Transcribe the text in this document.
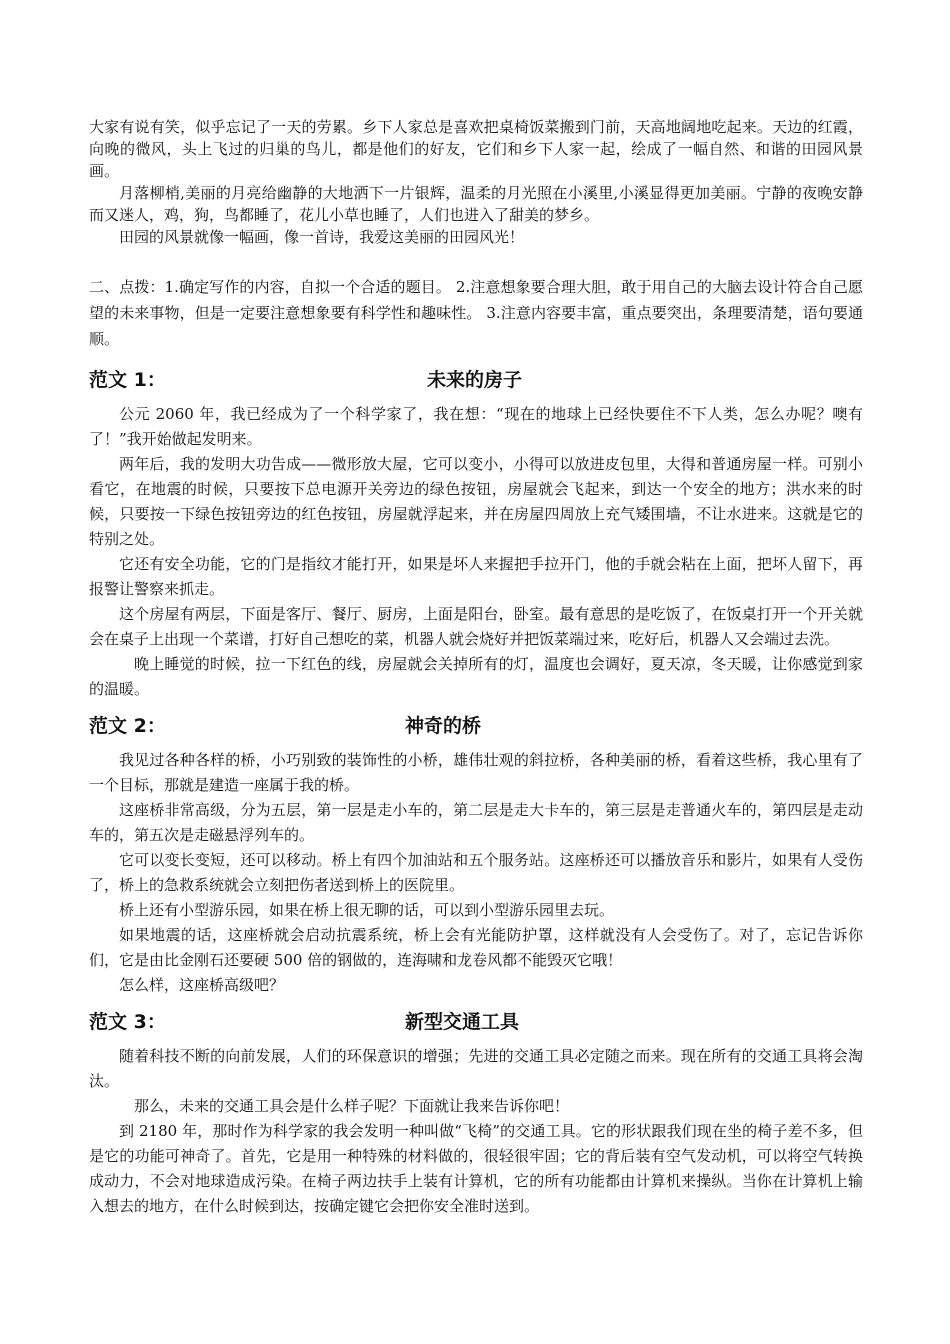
大家有说有笑，似乎忘记了一天的劳累。乡下人家总是喜欢把桌椅饭菜搬到门前，天高地阔地吃起来。天边的红霞，向晚的微风，头上飞过的归巢的鸟儿，都是他们的好友，它们和乡下人家一起，绘成了一幅自然、和谐的田园风景画。

月落柳梢,美丽的月亮给幽静的大地洒下一片银辉，温柔的月光照在小溪里,小溪显得更加美丽。宁静的夜晚安静而又迷人，鸡，狗，鸟都睡了，花儿小草也睡了，人们也进入了甜美的梦乡。

田园的风景就像一幅画，像一首诗，我爱这美丽的田园风光！

二、点拨：1.确定写作的内容，自拟一个合适的题目。 2.注意想象要合理大胆，敢于用自己的大脑去设计符合自己愿望的未来事物，但是一定要注意想象要有科学性和趣味性。 3.注意内容要丰富，重点要突出，条理要清楚，语句要通顺。
范文 1：	未来的房子

公元 2060 年，我已经成为了一个科学家了，我在想：“现在的地球上已经快要住不下人类，怎么办呢？噢有了！”我开始做起发明来。

两年后，我的发明大功告成——微形放大屋，它可以变小，小得可以放进皮包里，大得和普通房屋一样。可别小看它，在地震的时候，只要按下总电源开关旁边的绿色按钮，房屋就会飞起来，到达一个安全的地方；洪水来的时候，只要按一下绿色按钮旁边的红色按钮，房屋就浮起来，并在房屋四周放上充气矮围墙，不让水进来。这就是它的特别之处。

它还有安全功能，它的门是指纹才能打开，如果是坏人来握把手拉开门，他的手就会粘在上面，把坏人留下，再报警让警察来抓走。

这个房屋有两层，下面是客厅、餐厅、厨房，上面是阳台，卧室。最有意思的是吃饭了，在饭桌打开一个开关就会在桌子上出现一个菜谱，打好自己想吃的菜，机器人就会烧好并把饭菜端过来，吃好后，机器人又会端过去洗。

晚上睡觉的时候，拉一下红色的线，房屋就会关掉所有的灯，温度也会调好，夏天凉，冬天暖，让你感觉到家的温暖。

范文 2：	神奇的桥

我见过各种各样的桥，小巧别致的装饰性的小桥，雄伟壮观的斜拉桥，各种美丽的桥，看着这些桥，我心里有了一个目标，那就是建造一座属于我的桥。

这座桥非常高级，分为五层，第一层是走小车的，第二层是走大卡车的，第三层是走普通火车的，第四层是走动车的，第五次是走磁悬浮列车的。

它可以变长变短，还可以移动。桥上有四个加油站和五个服务站。这座桥还可以播放音乐和影片，如果有人受伤了，桥上的急救系统就会立刻把伤者送到桥上的医院里。

桥上还有小型游乐园，如果在桥上很无聊的话，可以到小型游乐园里去玩。

如果地震的话，这座桥就会启动抗震系统，桥上会有光能防护罩，这样就没有人会受伤了。对了，忘记告诉你们，它是由比金刚石还要硬 500 倍的钢做的，连海啸和龙卷风都不能毁灭它哦！

怎么样，这座桥高级吧？

范文 3：	新型交通工具

随着科技不断的向前发展，人们的环保意识的增强；先进的交通工具必定随之而来。现在所有的交通工具将会淘汰。

那么，未来的交通工具会是什么样子呢？下面就让我来告诉你吧！

到 2180 年，那时作为科学家的我会发明一种叫做“飞椅”的交通工具。它的形状跟我们现在坐的椅子差不多，但是它的功能可神奇了。首先，它是用一种特殊的材料做的，很轻很牢固；它的背后装有空气发动机，可以将空气转换成动力，不会对地球造成污染。在椅子两边扶手上装有计算机，它的所有功能都由计算机来操纵。当你在计算机上输入想去的地方，在什么时候到达，按确定键它会把你安全准时送到。
